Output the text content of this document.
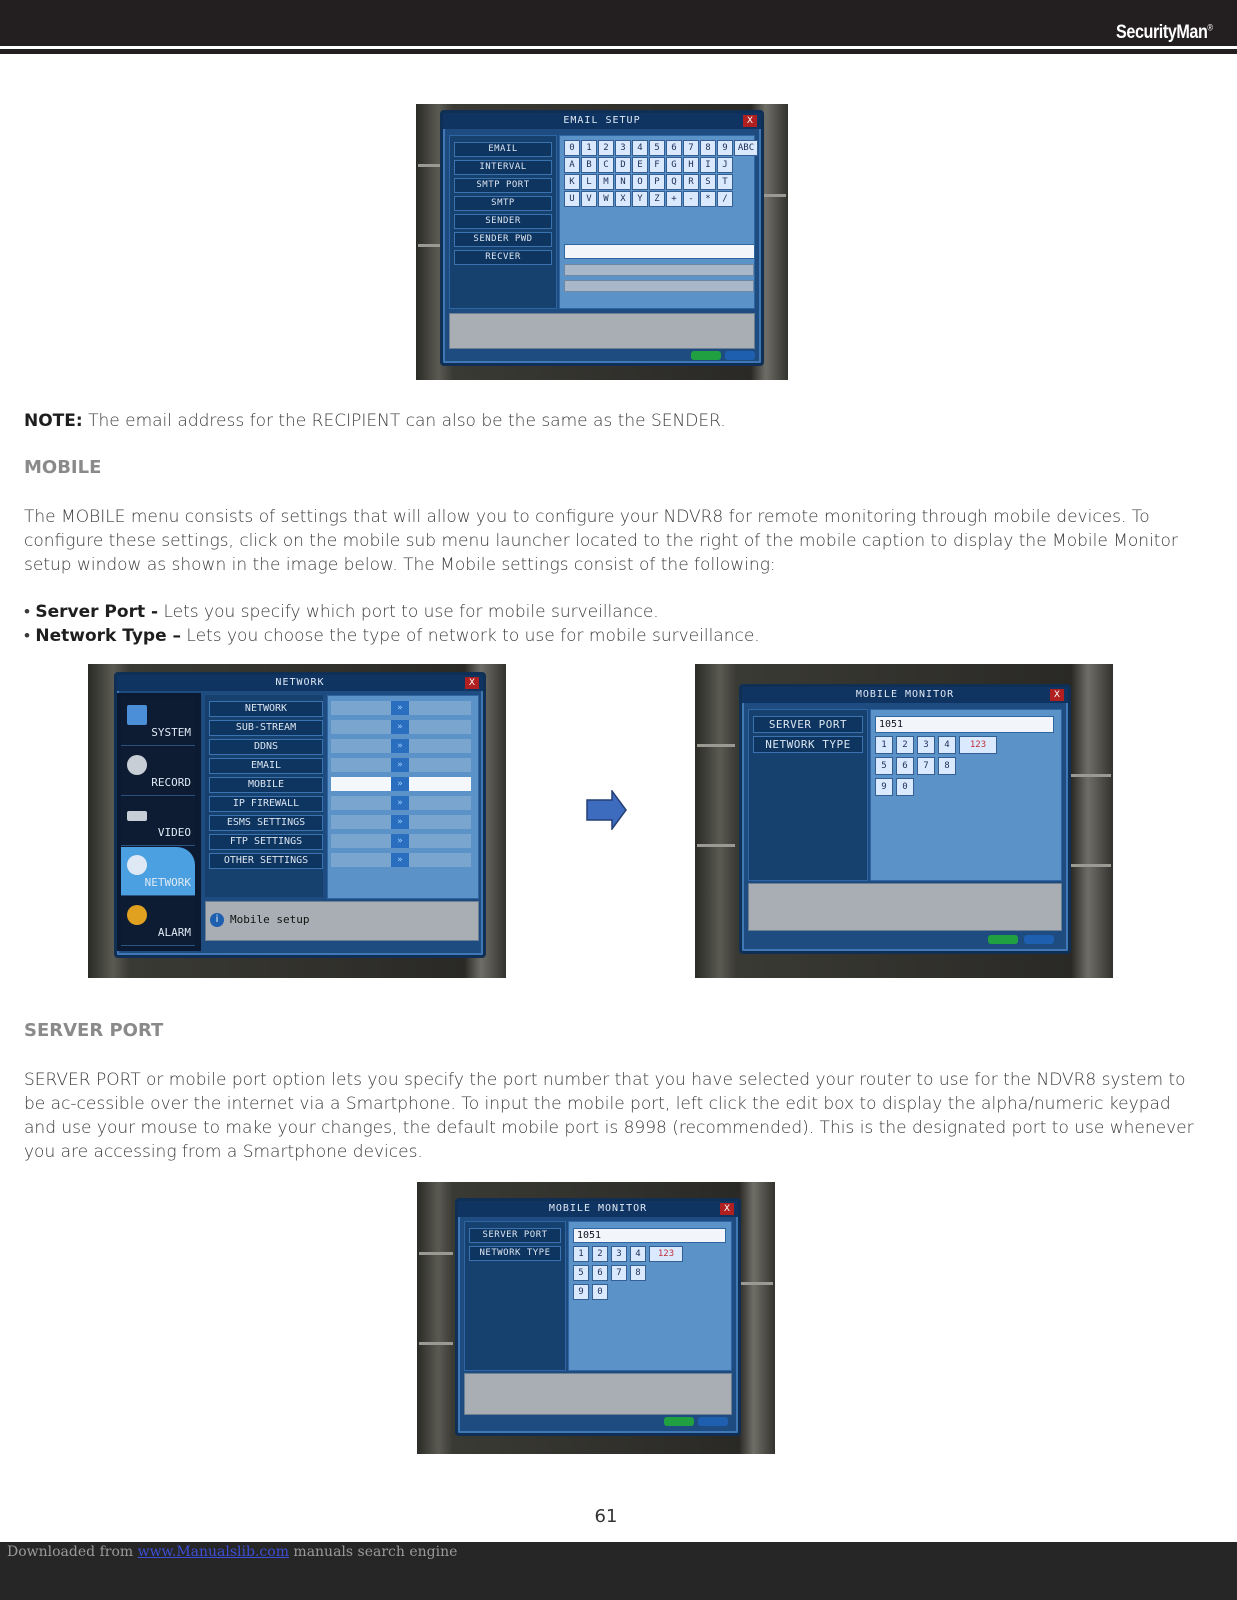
SecurityMan®
EMAIL SETUP	X
EMAIL
INTERVAL
SMTP PORT
SMTP
SENDER
SENDER PWD
RECVER
0	1	2	3	4	5	6	7	8	9
A	B	C	D	E	F	G	H	I	J
K	L	M	N	O	P	Q	R	S	T
U	V	W	X	Y	Z	+	-	*	/
ABC
NOTE: The email address for the RECIPIENT can also be the same as the SENDER.
MOBILE
The MOBILE menu consists of settings that will allow you to configure your NDVR8 for remote monitoring through mobile devices. To configure these settings, click on the mobile sub menu launcher located to the right of the mobile caption to display the Mobile Monitor setup window as shown in the image below. The Mobile settings consist of the following:
• Server Port - Lets you specify which port to use for mobile surveillance.
• Network Type – Lets you choose the type of network to use for mobile surveillance.
NETWORK	X
SYSTEM
RECORD
VIDEO
NETWORK
ALARM
NETWORK
SUB-STREAM
DDNS
EMAIL
MOBILE
IP FIREWALL
ESMS SETTINGS
FTP SETTINGS
OTHER SETTINGS
»
»
»
»
»
»
»
»
»
i	Mobile setup
MOBILE MONITOR	X
SERVER PORT
NETWORK TYPE
1051
1	2	3	4
5	6	7	8
9	0
123
SERVER PORT
SERVER PORT or mobile port option lets you specify the port number that you have selected your router to use for the NDVR8 system to be ac-cessible over the internet via a Smartphone. To input the mobile port, left click the edit box to display the alpha/numeric keypad and use your mouse to make your changes, the default mobile port is 8998 (recommended). This is the designated port to use whenever you are accessing from a Smartphone devices.
MOBILE MONITOR	X
SERVER PORT
NETWORK TYPE
1051
1	2	3	4
5	6	7	8
9	0
123
61
Downloaded from www.Manualslib.com manuals search engine
